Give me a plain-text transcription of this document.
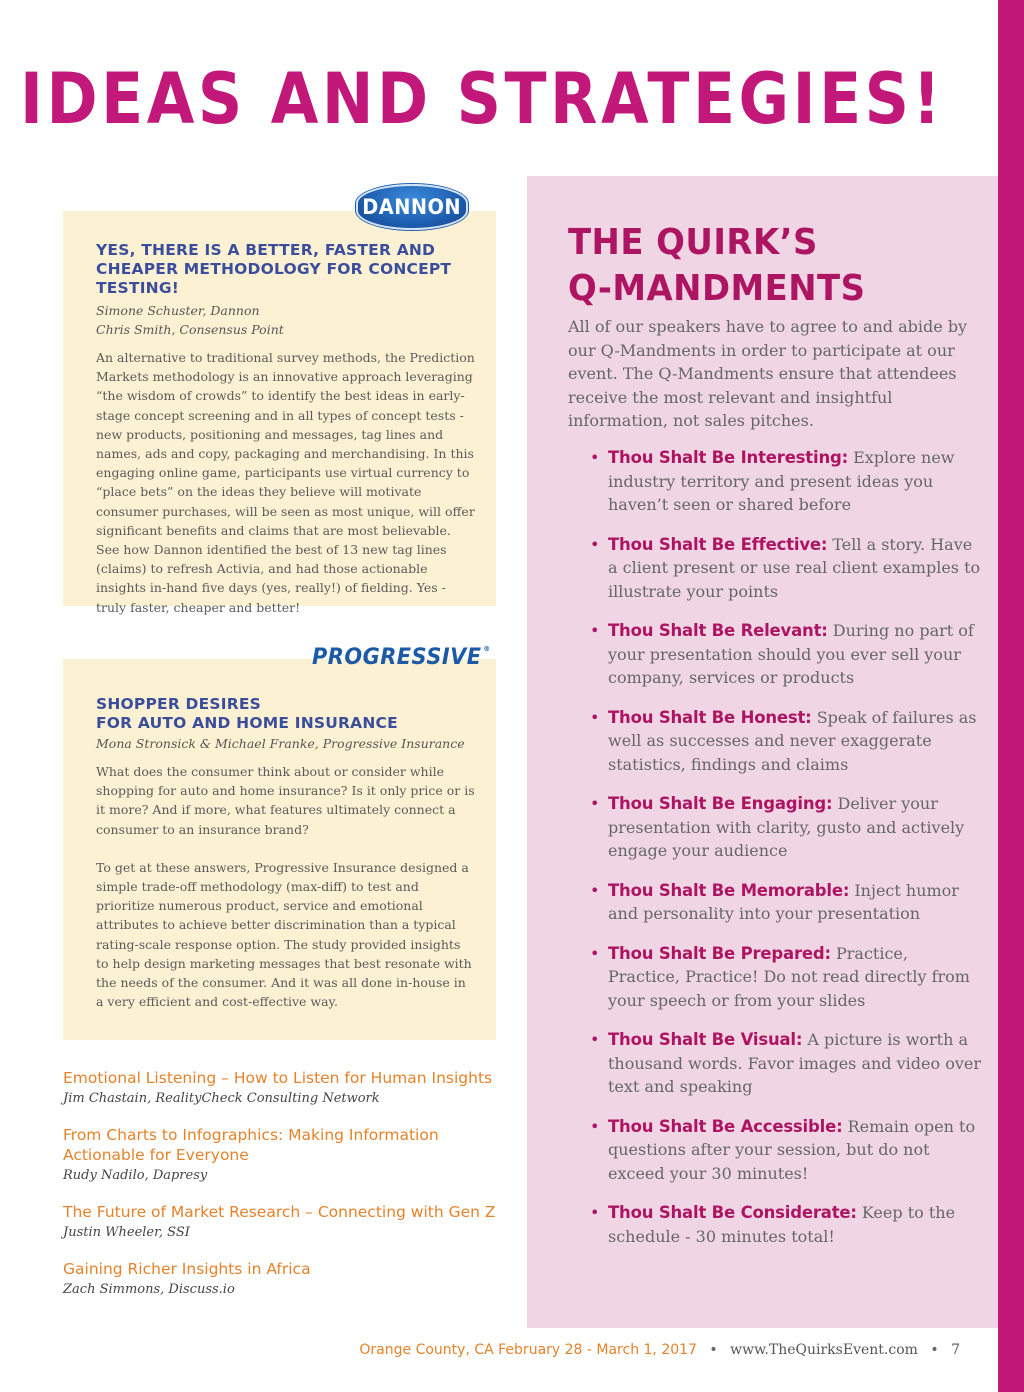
IDEAS AND STRATEGIES!
YES, THERE IS A BETTER, FASTER AND CHEAPER METHODOLOGY FOR CONCEPT TESTING!
Simone Schuster, Dannon
Chris Smith, Consensus Point

An alternative to traditional survey methods, the Prediction Markets methodology is an innovative approach leveraging “the wisdom of crowds” to identify the best ideas in early-stage concept screening and in all types of concept tests - new products, positioning and messages, tag lines and names, ads and copy, packaging and merchandising. In this engaging online game, participants use virtual currency to “place bets” on the ideas they believe will motivate consumer purchases, will be seen as most unique, will offer significant benefits and claims that are most believable. See how Dannon identified the best of 13 new tag lines (claims) to refresh Activia, and had those actionable insights in-hand five days (yes, really!) of fielding. Yes - truly faster, cheaper and better!

DANNON
SHOPPER DESIRES
FOR AUTO AND HOME INSURANCE
Mona Stronsick & Michael Franke, Progressive Insurance

What does the consumer think about or consider while shopping for auto and home insurance? Is it only price or is it more? And if more, what features ultimately connect a consumer to an insurance brand?

To get at these answers, Progressive Insurance designed a simple trade-off methodology (max-diff) to test and prioritize numerous product, service and emotional attributes to achieve better discrimination than a typical rating-scale response option. The study provided insights to help design marketing messages that best resonate with the needs of the consumer. And it was all done in-house in a very efficient and cost-effective way.

PROGRESSIVE ®
Emotional Listening – How to Listen for Human Insights
Jim Chastain, RealityCheck Consulting Network
From Charts to Infographics: Making Information Actionable for Everyone
Rudy Nadilo, Dapresy
The Future of Market Research – Connecting with Gen Z
Justin Wheeler, SSI
Gaining Richer Insights in Africa
Zach Simmons, Discuss.io
THE QUIRK’S
Q-MANDMENTS

All of our speakers have to agree to and abide by our Q-Mandments in order to participate at our event. The Q-Mandments ensure that attendees receive the most relevant and insightful information, not sales pitches.

• Thou Shalt Be Interesting: Explore new industry territory and present ideas you haven’t seen or shared before
• Thou Shalt Be Effective: Tell a story. Have a client present or use real client examples to illustrate your points
• Thou Shalt Be Relevant: During no part of your presentation should you ever sell your company, services or products
• Thou Shalt Be Honest: Speak of failures as well as successes and never exaggerate statistics, findings and claims
• Thou Shalt Be Engaging: Deliver your presentation with clarity, gusto and actively engage your audience
• Thou Shalt Be Memorable: Inject humor and personality into your presentation
• Thou Shalt Be Prepared: Practice, Practice, Practice! Do not read directly from your speech or from your slides
• Thou Shalt Be Visual: A picture is worth a thousand words. Favor images and video over text and speaking
• Thou Shalt Be Accessible: Remain open to questions after your session, but do not exceed your 30 minutes!
• Thou Shalt Be Considerate: Keep to the schedule - 30 minutes total!
Orange County, CA February 28 - March 1, 2017 • www.TheQuirksEvent.com • 7
